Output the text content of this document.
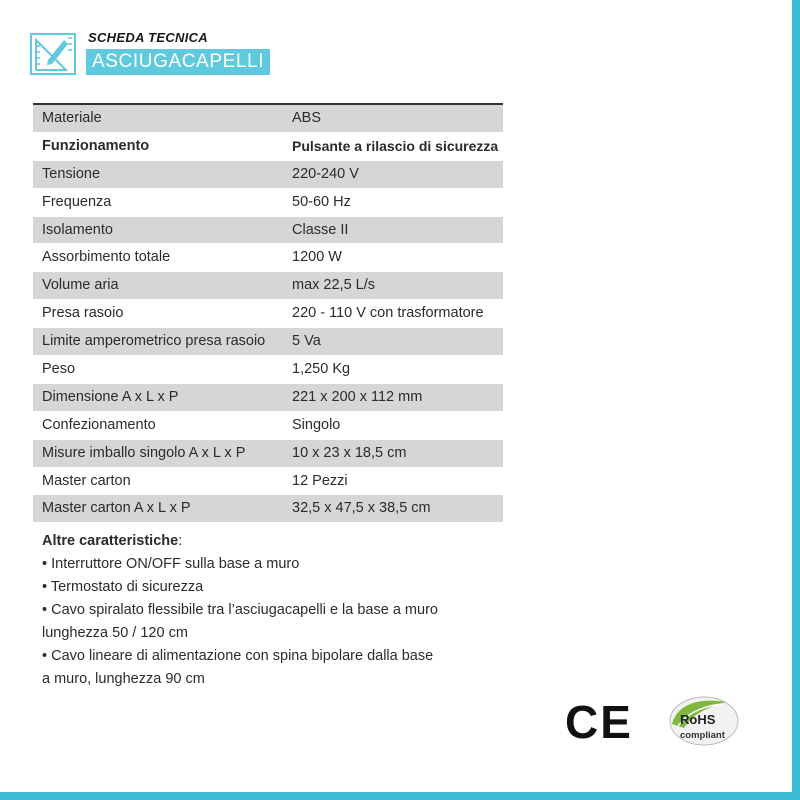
SCHEDA TECNICA
ASCIUGACAPELLI
Materiale	ABS
Funzionamento	Pulsante a rilascio di sicurezza
Tensione	220-240 V
Frequenza	50-60 Hz
Isolamento	Classe II
Assorbimento totale	1200 W
Volume aria	max 22,5 L/s
Presa rasoio	220 - 110 V con trasformatore
Limite amperometrico presa rasoio	5 Va
Peso	1,250 Kg
Dimensione A x L x P	221 x 200 x 112 mm
Confezionamento	Singolo
Misure imballo singolo A x L x P	10 x 23 x 18,5 cm
Master carton	12 Pezzi
Master carton A x L x P	32,5 x 47,5 x 38,5 cm
Altre caratteristiche:
• Interruttore ON/OFF sulla base a muro
• Termostato di sicurezza
• Cavo spiralato flessibile tra l’asciugacapelli e la base a muro
lunghezza 50 / 120 cm
• Cavo lineare di alimentazione con spina bipolare dalla base
a muro, lunghezza 90 cm
CE	RoHS
compliant
